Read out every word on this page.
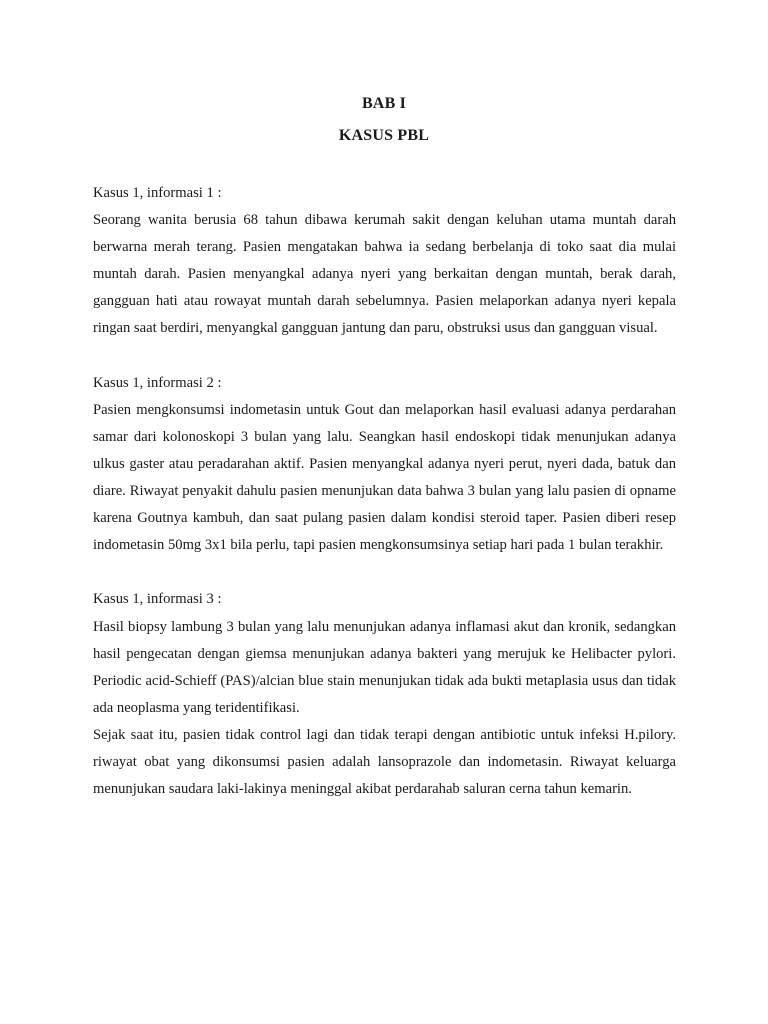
BAB I
KASUS PBL

Kasus 1, informasi 1 :

Seorang wanita berusia 68 tahun dibawa kerumah sakit dengan keluhan utama muntah darah berwarna merah terang. Pasien mengatakan bahwa ia sedang berbelanja di toko saat dia mulai muntah darah. Pasien menyangkal adanya nyeri yang berkaitan dengan muntah, berak darah, gangguan hati atau rowayat muntah darah sebelumnya. Pasien melaporkan adanya nyeri kepala ringan saat berdiri, menyangkal gangguan jantung dan paru, obstruksi usus dan gangguan visual.

Kasus 1, informasi 2 :

Pasien mengkonsumsi indometasin untuk Gout dan melaporkan hasil evaluasi adanya perdarahan samar dari kolonoskopi 3 bulan yang lalu. Seangkan hasil endoskopi tidak menunjukan adanya ulkus gaster atau peradarahan aktif. Pasien menyangkal adanya nyeri perut, nyeri dada, batuk dan diare. Riwayat penyakit dahulu pasien menunjukan data bahwa 3 bulan yang lalu pasien di opname karena Goutnya kambuh, dan saat pulang pasien dalam kondisi steroid taper. Pasien diberi resep indometasin 50mg 3x1 bila perlu, tapi pasien mengkonsumsinya setiap hari pada 1 bulan terakhir.

Kasus 1, informasi 3 :

Hasil biopsy lambung 3 bulan yang lalu menunjukan adanya inflamasi akut dan kronik, sedangkan hasil pengecatan dengan giemsa menunjukan adanya bakteri yang merujuk ke Helibacter pylori. Periodic acid-Schieff (PAS)/alcian blue stain menunjukan tidak ada bukti metaplasia usus dan tidak ada neoplasma yang teridentifikasi.

Sejak saat itu, pasien tidak control lagi dan tidak terapi dengan antibiotic untuk infeksi H.pilory. riwayat obat yang dikonsumsi pasien adalah lansoprazole dan indometasin. Riwayat keluarga menunjukan saudara laki-lakinya meninggal akibat perdarahab saluran cerna tahun kemarin.
